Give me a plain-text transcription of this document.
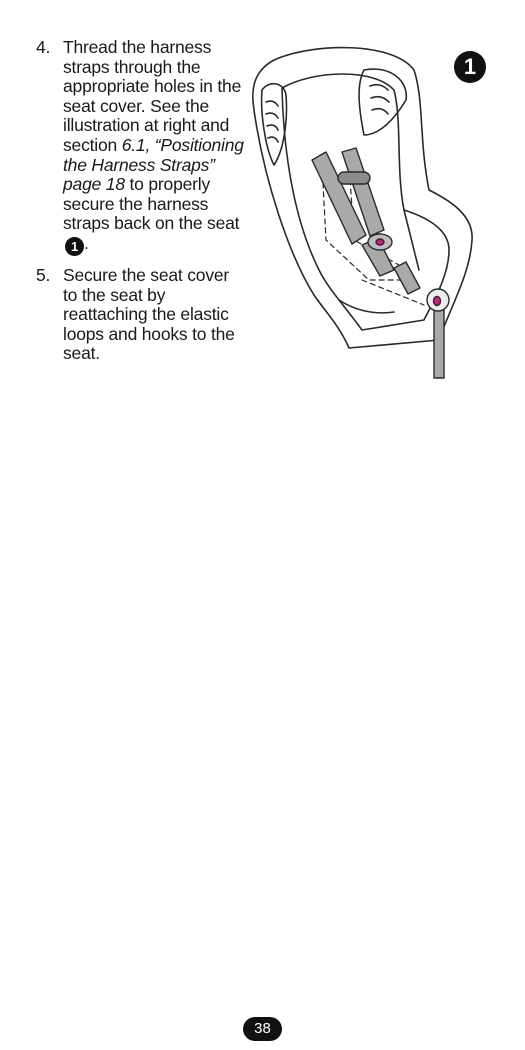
4. Thread the harness straps through the appropriate holes in the seat cover. See the illustration at right and section 6.1, “Positioning the Harness Straps” page 18 to properly secure the harness straps back on the seat 1 .
5. Secure the seat cover to the seat by reattaching the elastic loops and hooks to the seat.
1
38
